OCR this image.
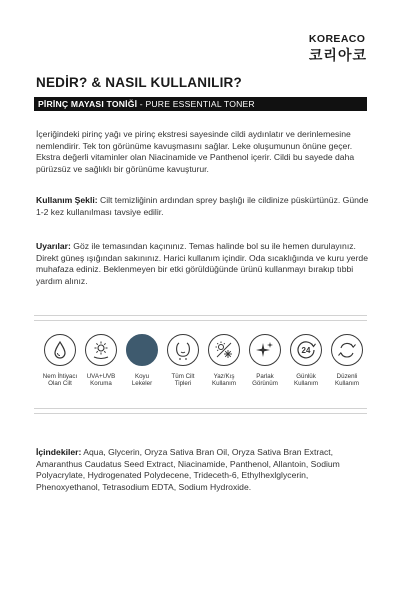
KOREACO
코리아코
NEDİR? & NASIL KULLANILIR?
PİRİNÇ MAYASI TONİĞİ - PURE ESSENTIAL TONER
İçeriğindeki pirinç yağı ve pirinç ekstresi sayesinde cildi aydınlatır ve derinlemesine nemlendirir. Tek ton görünüme kavuşmasını sağlar. Leke oluşumunun önüne geçer. Ekstra değerli vitaminler olan Niacinamide ve Panthenol içerir. Cildi bu sayede daha pürüzsüz ve sağlıklı bir görünüme kavuşturur.
Kullanım Şekli: Cilt temizliğinin ardından sprey başlığı ile cildinize püskürtünüz. Günde 1-2 kez kullanılması tavsiye edilir.
Uyarılar: Göz ile temasından kaçınınız. Temas halinde bol su ile hemen durulayınız. Direkt güneş ışığından sakınınız. Harici kullanım içindir. Oda sıcaklığında ve kuru yerde muhafaza ediniz. Beklenmeyen bir etki görüldüğünde ürünü kullanmayı bırakıp tıbbi yardım alınız.
Nem İhtiyacı
Olan Cilt
UVA+UVB
Koruma
Koyu
Lekeler
Tüm Cilt
Tipleri
Yaz/Kış
Kullanım
Parlak
Görünüm
24
Günlük
Kullanım
Düzenli
Kullanım
İçindekiler: Aqua, Glycerin, Oryza Sativa Bran Oil, Oryza Sativa Bran Extract, Amaranthus Caudatus Seed Extract, Niacinamide, Panthenol, Allantoin, Sodium Polyacrylate, Hydrogenated Polydecene, Trideceth-6, Ethylhexlglycerin, Phenoxyethanol, Tetrasodium EDTA, Sodium Hydroxide.
